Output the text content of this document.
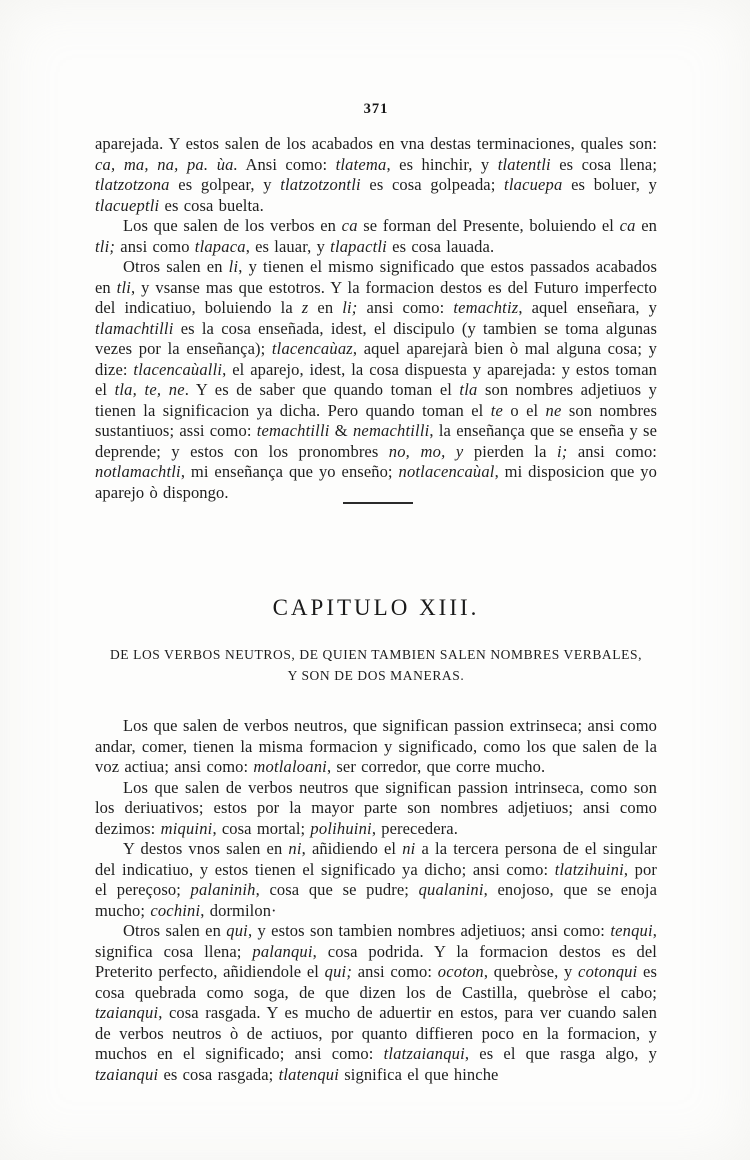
371

aparejada. Y estos salen de los acabados en vna destas terminaciones, quales son: ca, ma, na, pa. ùa. Ansi como: tlatema, es hinchir, y tlatentli es cosa llena; tlatzotzona es golpear, y tlatzotzontli es cosa golpeada; tlacuepa es boluer, y tlacueptli es cosa buelta.

Los que salen de los verbos en ca se forman del Presente, boluiendo el ca en tli; ansi como tlapaca, es lauar, y tlapactli es cosa lauada.

Otros salen en li, y tienen el mismo significado que estos passados acabados en tli, y vsanse mas que estotros. Y la formacion destos es del Futuro imperfecto del indicatiuo, boluiendo la z en li; ansi como: temachtiz, aquel enseñara, y tlamachtilli es la cosa enseñada, idest, el discipulo (y tambien se toma algunas vezes por la enseñança); tlacencaùaz, aquel aparejarà bien ò mal alguna cosa; y dize: tlacencaùalli, el aparejo, idest, la cosa dispuesta y aparejada: y estos toman el tla, te, ne. Y es de saber que quando toman el tla son nombres adjetiuos y tienen la significacion ya dicha. Pero quando toman el te o el ne son nombres sustantiuos; assi como: temachtilli & nemachtilli, la enseñança que se enseña y se deprende; y estos con los pronombres no, mo, y pierden la i; ansi como: notlamachtli, mi enseñança que yo enseño; notlacencaùal, mi disposicion que yo aparejo ò dispongo.

CAPITULO XIII.
DE LOS VERBOS NEUTROS, DE QUIEN TAMBIEN SALEN NOMBRES VERBALES,
Y SON DE DOS MANERAS.

Los que salen de verbos neutros, que significan passion extrinseca; ansi como andar, comer, tienen la misma formacion y significado, como los que salen de la voz actiua; ansi como: motlaloani, ser corredor, que corre mucho.

Los que salen de verbos neutros que significan passion intrinseca, como son los deriuativos; estos por la mayor parte son nombres adjetiuos; ansi como dezimos: miquini, cosa mortal; polihuini, perecedera.

Y destos vnos salen en ni, añidiendo el ni a la tercera persona de el singular del indicatiuo, y estos tienen el significado ya dicho; ansi como: tlatzihuini, por el pereçoso; palaninih, cosa que se pudre; qualanini, enojoso, que se enoja mucho; cochini, dormilon·

Otros salen en qui, y estos son tambien nombres adjetiuos; ansi como: tenqui, significa cosa llena; palanqui, cosa podrida. Y la formacion destos es del Preterito perfecto, añidiendole el qui; ansi como: ocoton, quebròse, y cotonqui es cosa quebrada como soga, de que dizen los de Castilla, quebròse el cabo; tzaianqui, cosa rasgada. Y es mucho de aduertir en estos, para ver cuando salen de verbos neutros ò de actiuos, por quanto diffieren poco en la formacion, y muchos en el significado; ansi como: tlatzaianqui, es el que rasga algo, y tzaianqui es cosa rasgada; tlatenqui significa el que hinche
